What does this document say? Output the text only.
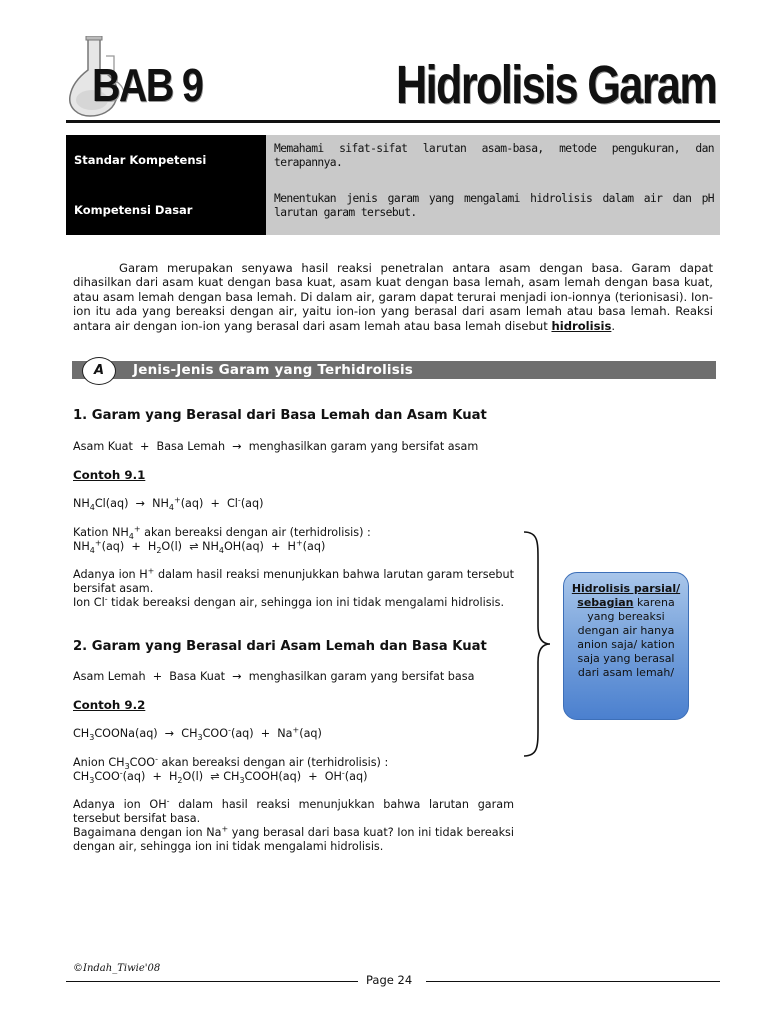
BAB 9	Hidrolisis Garam
Standar Kompetensi
Memahami sifat-sifat larutan asam-basa, metode pengukuran, dan terapannya.
Kompetensi Dasar
Menentukan jenis garam yang mengalami hidrolisis dalam air dan pH larutan garam tersebut.
Garam merupakan senyawa hasil reaksi penetralan antara asam dengan basa. Garam dapat dihasilkan dari asam kuat dengan basa kuat, asam kuat dengan basa lemah, asam lemah dengan basa kuat, atau asam lemah dengan basa lemah. Di dalam air, garam dapat terurai menjadi ion-ionnya (terionisasi). Ion-ion itu ada yang bereaksi dengan air, yaitu ion-ion yang berasal dari asam lemah atau basa lemah. Reaksi antara air dengan ion-ion yang berasal dari asam lemah atau basa lemah disebut hidrolisis.
A	Jenis-Jenis Garam yang Terhidrolisis
1. Garam yang Berasal dari Basa Lemah dan Asam Kuat
Asam Kuat + Basa Lemah → menghasilkan garam yang bersifat asam
Contoh 9.1
$NH_4Cl(aq) \to NH_4^+(aq) + Cl^-(aq)$
Kation $NH_4^+$ akan bereaksi dengan air (terhidrolisis) :
$NH_4^+(aq) + H_2O(l)$ ⇌ $NH_4OH(aq) + H^+(aq)$
Adanya ion H+ dalam hasil reaksi menunjukkan bahwa larutan garam tersebut bersifat asam.
Ion Cl- tidak bereaksi dengan air, sehingga ion ini tidak mengalami hidrolisis.
2. Garam yang Berasal dari Asam Lemah dan Basa Kuat
Asam Lemah + Basa Kuat → menghasilkan garam yang bersifat basa
Contoh 9.2
$CH_3COONa(aq) \to CH_3COO^-(aq) + Na^+(aq)$
Anion $CH_3COO^-$ akan bereaksi dengan air (terhidrolisis) :
$CH_3COO^-(aq) + H_2O(l)$ ⇌ $CH_3COOH(aq) + OH^-(aq)$
Adanya ion OH- dalam hasil reaksi menunjukkan bahwa larutan garam tersebut bersifat basa.
Bagaimana dengan ion Na+ yang berasal dari basa kuat? Ion ini tidak bereaksi dengan air, sehingga ion ini tidak mengalami hidrolisis.
Hidrolisis parsial/ sebagian karena yang bereaksi dengan air hanya anion saja/ kation saja yang berasal dari asam lemah/
©Indah_Tiwie'08
Page 24
